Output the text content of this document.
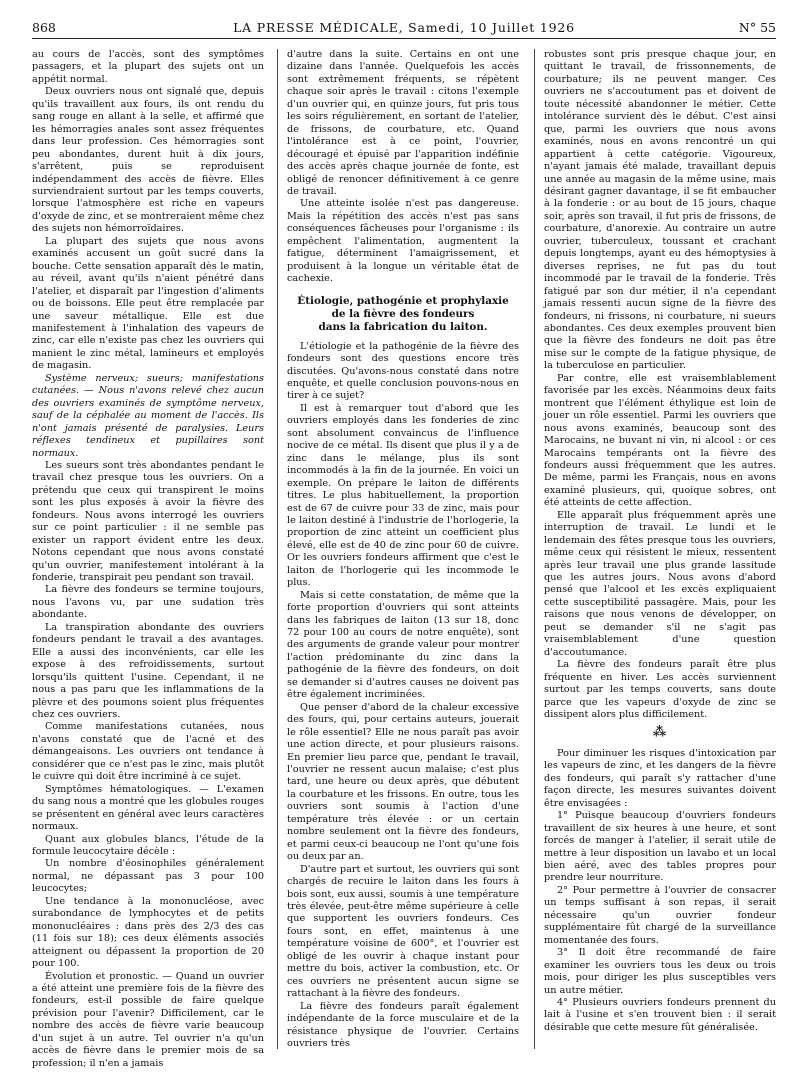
868	LA PRESSE MÉDICALE, Samedi, 10 Juillet 1926	N° 55

au cours de l'accès, sont des symptômes passagers, et la plupart des sujets ont un appétit normal.

Deux ouvriers nous ont signalé que, depuis qu'ils travaillent aux fours, ils ont rendu du sang rouge en allant à la selle, et affirmé que les hémorragies anales sont assez fréquentes dans leur profession. Ces hémorragies sont peu abondantes, durent huit à dix jours, s'arrêtent, puis se reproduisent indépendamment des accès de fièvre. Elles surviendraient surtout par les temps couverts, lorsque l'atmosphère est riche en vapeurs d'oxyde de zinc, et se montreraient même chez des sujets non hémorroïdaires.

La plupart des sujets que nous avons examinés accusent un goût sucré dans la bouche. Cette sensation apparaît dès le matin, au réveil, avant qu'ils n'aient pénétré dans l'atelier, et disparaît par l'ingestion d'aliments ou de boissons. Elle peut être remplacée par une saveur métallique. Elle est due manifestement à l'inhalation des vapeurs de zinc, car elle n'existe pas chez les ouvriers qui manient le zinc métal, lamineurs et employés de magasin.

Système nerveux; sueurs; manifestations cutanées. — Nous n'avons relevé chez aucun des ouvriers examinés de symptôme nerveux, sauf de la céphalée au moment de l'accès. Ils n'ont jamais présenté de paralysies. Leurs réflexes tendineux et pupillaires sont normaux.

Les sueurs sont très abondantes pendant le travail chez presque tous les ouvriers. On a prétendu que ceux qui transpirent le moins sont les plus exposés à avoir la fièvre des fondeurs. Nous avons interrogé les ouvriers sur ce point particulier : il ne semble pas exister un rapport évident entre les deux. Notons cependant que nous avons constaté qu'un ouvrier, manifestement intolérant à la fonderie, transpirait peu pendant son travail.

La fièvre des fondeurs se termine toujours, nous l'avons vu, par une sudation très abondante.

La transpiration abondante des ouvriers fondeurs pendant le travail a des avantages. Elle a aussi des inconvénients, car elle les expose à des refroidissements, surtout lorsqu'ils quittent l'usine. Cependant, il ne nous a pas paru que les inflammations de la plèvre et des poumons soient plus fréquentes chez ces ouvriers.

Comme manifestations cutanées, nous n'avons constaté que de l'acné et des démangeaisons. Les ouvriers ont tendance à considérer que ce n'est pas le zinc, mais plutôt le cuivre qui doit être incriminé à ce sujet.

Symptômes hématologiques. — L'examen du sang nous a montré que les globules rouges se présentent en général avec leurs caractères normaux.

Quant aux globules blancs, l'étude de la formule leucocytaire décèle :

Un nombre d'éosinophiles généralement normal, ne dépassant pas 3 pour 100 leucocytes;

Une tendance à la mononucléose, avec surabondance de lymphocytes et de petits mononucléaires : dans près des 2/3 des cas (11 fois sur 18); ces deux éléments associés atteignent ou dépassent la proportion de 20 pour 100.

Évolution et pronostic. — Quand un ouvrier a été atteint une première fois de la fièvre des fondeurs, est-il possible de faire quelque prévision pour l'avenir? Difficilement, car le nombre des accès de fièvre varie beaucoup d'un sujet à un autre. Tel ouvrier n'a qu'un accès de fièvre dans le premier mois de sa profession; il n'en a jamais

d'autre dans la suite. Certains en ont une dizaine dans l'année. Quelquefois les accès sont extrêmement fréquents, se répètent chaque soir après le travail : citons l'exemple d'un ouvrier qui, en quinze jours, fut pris tous les soirs régulièrement, en sortant de l'atelier, de frissons, de courbature, etc. Quand l'intolérance est à ce point, l'ouvrier, découragé et épuisé par l'apparition indéfinie des accès après chaque journée de fonte, est obligé de renoncer définitivement à ce genre de travail.

Une atteinte isolée n'est pas dangereuse. Mais la répétition des accès n'est pas sans conséquences fâcheuses pour l'organisme : ils empêchent l'alimentation, augmentent la fatigue, déterminent l'amaigrissement, et produisent à la longue un véritable état de cachexie.

Étiologie, pathogénie et prophylaxie
de la fièvre des fondeurs
dans la fabrication du laiton.

L'étiologie et la pathogénie de la fièvre des fondeurs sont des questions encore très discutées. Qu'avons-nous constaté dans notre enquête, et quelle conclusion pouvons-nous en tirer à ce sujet?

Il est à remarquer tout d'abord que les ouvriers employés dans les fonderies de zinc sont absolument convaincus de l'influence nocive de ce métal. Ils disent que plus il y a de zinc dans le mélange, plus ils sont incommodés à la fin de la journée. En voici un exemple. On prépare le laiton de différents titres. Le plus habituellement, la proportion est de 67 de cuivre pour 33 de zinc, mais pour le laiton destiné à l'industrie de l'horlogerie, la proportion de zinc atteint un coefficient plus élevé, elle est de 40 de zinc pour 60 de cuivre. Or les ouvriers fondeurs affirment que c'est le laiton de l'horlogerie qui les incommode le plus.

Mais si cette constatation, de même que la forte proportion d'ouvriers qui sont atteints dans les fabriques de laiton (13 sur 18, donc 72 pour 100 au cours de notre enquête), sont des arguments de grande valeur pour montrer l'action prédominante du zinc dans la pathogénie de la fièvre des fondeurs, on doit se demander si d'autres causes ne doivent pas être également incriminées.

Que penser d'abord de la chaleur excessive des fours, qui, pour certains auteurs, jouerait le rôle essentiel? Elle ne nous paraît pas avoir une action directe, et pour plusieurs raisons. En premier lieu parce que, pendant le travail, l'ouvrier ne ressent aucun malaise; c'est plus tard, une heure ou deux après, que débutent la courbature et les frissons. En outre, tous les ouvriers sont soumis à l'action d'une température très élevée : or un certain nombre seulement ont la fièvre des fondeurs, et parmi ceux-ci beaucoup ne l'ont qu'une fois ou deux par an.

D'autre part et surtout, les ouvriers qui sont chargés de recuire le laiton dans les fours à bois sont, eux aussi, soumis à une température très élevée, peut-être même supérieure à celle que supportent les ouvriers fondeurs. Ces fours sont, en effet, maintenus à une température voisine de 600°, et l'ouvrier est obligé de les ouvrir à chaque instant pour mettre du bois, activer la combustion, etc. Or ces ouvriers ne présentent aucun signe se rattachant à la fièvre des fondeurs.

La fièvre des fondeurs paraît également indépendante de la force musculaire et de la résistance physique de l'ouvrier. Certains ouvriers très

robustes sont pris presque chaque jour, en quittant le travail, de frissonnements, de courbature; ils ne peuvent manger. Ces ouvriers ne s'accoutument pas et doivent de toute nécessité abandonner le métier. Cette intolérance survient dès le début. C'est ainsi que, parmi les ouvriers que nous avons examinés, nous en avons rencontré un qui appartient à cette catégorie. Vigoureux, n'ayant jamais été malade, travaillant depuis une année au magasin de la même usine, mais désirant gagner davantage, il se fit embaucher à la fonderie : or au bout de 15 jours, chaque soir, après son travail, il fut pris de frissons, de courbature, d'anorexie. Au contraire un autre ouvrier, tuberculeux, toussant et crachant depuis longtemps, ayant eu des hémoptysies à diverses reprises, ne fut pas du tout incommodé par le travail de la fonderie. Très fatigué par son dur métier, il n'a cependant jamais ressenti aucun signe de la fièvre des fondeurs, ni frissons, ni courbature, ni sueurs abondantes. Ces deux exemples prouvent bien que la fièvre des fondeurs ne doit pas être mise sur le compte de la fatigue physique, de la tuberculose en particulier.

Par contre, elle est vraisemblablement favorisée par les excès. Néanmoins deux faits montrent que l'élément éthylique est loin de jouer un rôle essentiel. Parmi les ouvriers que nous avons examinés, beaucoup sont des Marocains, ne buvant ni vin, ni alcool : or ces Marocains tempérants ont la fièvre des fondeurs aussi fréquemment que les autres. De même, parmi les Français, nous en avons examiné plusieurs, qui, quoique sobres, ont été atteints de cette affection.

Elle apparaît plus fréquemment après une interruption de travail. Le lundi et le lendemain des fêtes presque tous les ouvriers, même ceux qui résistent le mieux, ressentent après leur travail une plus grande lassitude que les autres jours. Nous avons d'abord pensé que l'alcool et les excès expliquaient cette susceptibilité passagère. Mais, pour les raisons que nous venons de développer, on peut se demander s'il ne s'agit pas vraisemblablement d'une question d'accoutumance.

La fièvre des fondeurs paraît être plus fréquente en hiver. Les accès surviennent surtout par les temps couverts, sans doute parce que les vapeurs d'oxyde de zinc se dissipent alors plus difficilement.

⁂

Pour diminuer les risques d'intoxication par les vapeurs de zinc, et les dangers de la fièvre des fondeurs, qui paraît s'y rattacher d'une façon directe, les mesures suivantes doivent être envisagées :

1° Puisque beaucoup d'ouvriers fondeurs travaillent de six heures à une heure, et sont forcés de manger à l'atelier, il serait utile de mettre à leur disposition un lavabo et un local bien aéré, avec des tables propres pour prendre leur nourriture.

2° Pour permettre à l'ouvrier de consacrer un temps suffisant à son repas, il serait nécessaire qu'un ouvrier fondeur supplémentaire fût chargé de la surveillance momentanée des fours.

3° Il doit être recommandé de faire examiner les ouvriers tous les deux ou trois mois, pour diriger les plus susceptibles vers un autre métier.

4° Plusieurs ouvriers fondeurs prennent du lait à l'usine et s'en trouvent bien : il serait désirable que cette mesure fût généralisée.
